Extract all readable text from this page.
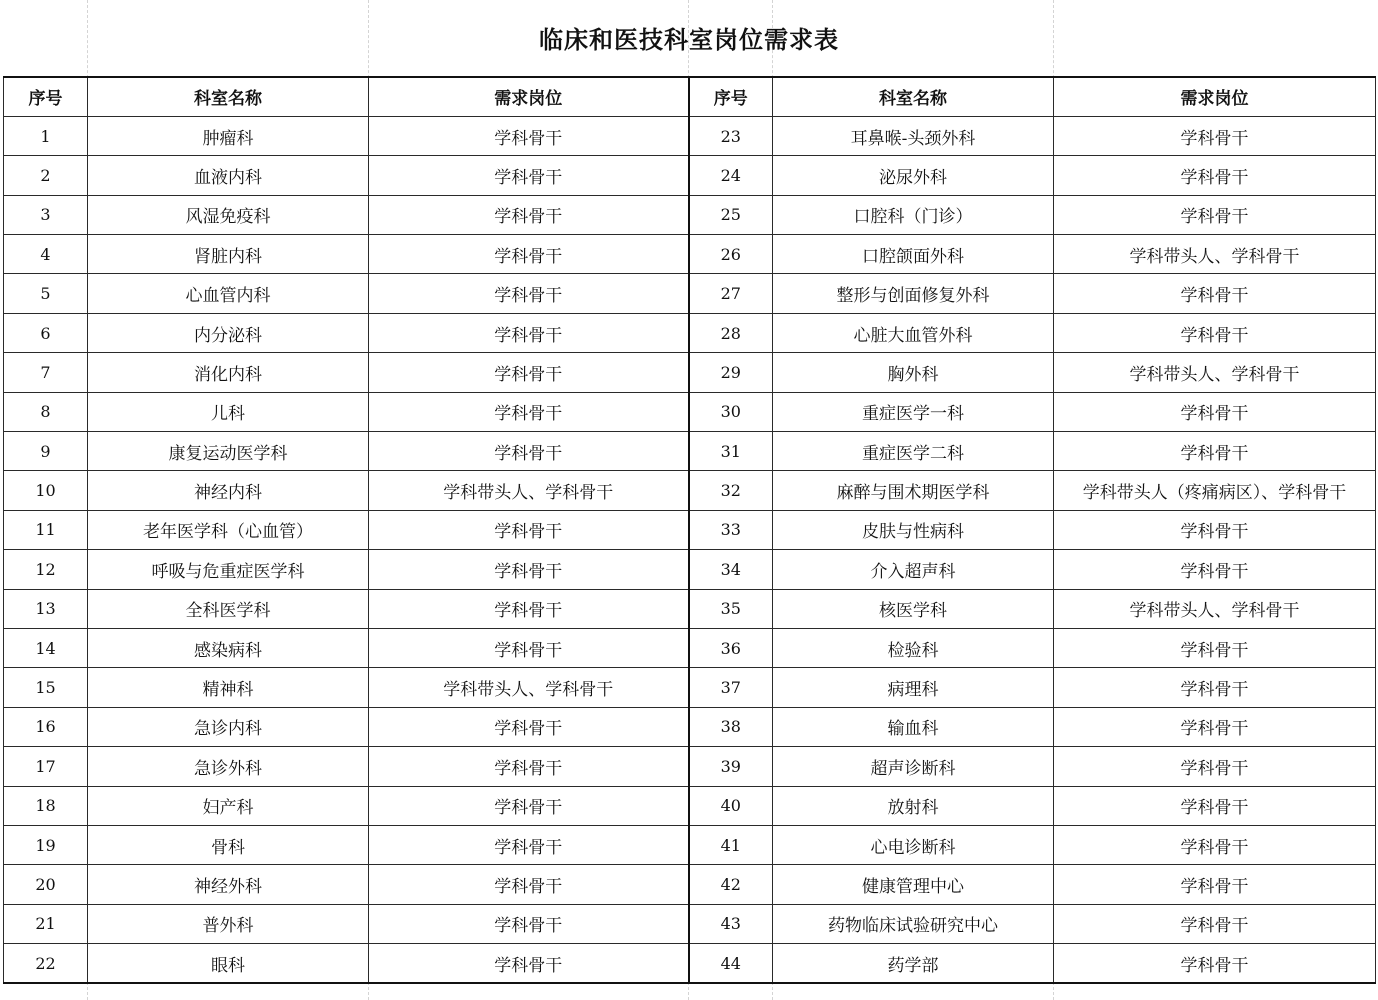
临床和医技科室岗位需求表
序号	科室名称	需求岗位	序号	科室名称	需求岗位
1	肿瘤科	学科骨干	23	耳鼻喉-头颈外科	学科骨干
2	血液内科	学科骨干	24	泌尿外科	学科骨干
3	风湿免疫科	学科骨干	25	口腔科（门诊）	学科骨干
4	肾脏内科	学科骨干	26	口腔颌面外科	学科带头人、学科骨干
5	心血管内科	学科骨干	27	整形与创面修复外科	学科骨干
6	内分泌科	学科骨干	28	心脏大血管外科	学科骨干
7	消化内科	学科骨干	29	胸外科	学科带头人、学科骨干
8	儿科	学科骨干	30	重症医学一科	学科骨干
9	康复运动医学科	学科骨干	31	重症医学二科	学科骨干
10	神经内科	学科带头人、学科骨干	32	麻醉与围术期医学科	学科带头人（疼痛病区）、学科骨干
11	老年医学科（心血管）	学科骨干	33	皮肤与性病科	学科骨干
12	呼吸与危重症医学科	学科骨干	34	介入超声科	学科骨干
13	全科医学科	学科骨干	35	核医学科	学科带头人、学科骨干
14	感染病科	学科骨干	36	检验科	学科骨干
15	精神科	学科带头人、学科骨干	37	病理科	学科骨干
16	急诊内科	学科骨干	38	输血科	学科骨干
17	急诊外科	学科骨干	39	超声诊断科	学科骨干
18	妇产科	学科骨干	40	放射科	学科骨干
19	骨科	学科骨干	41	心电诊断科	学科骨干
20	神经外科	学科骨干	42	健康管理中心	学科骨干
21	普外科	学科骨干	43	药物临床试验研究中心	学科骨干
22	眼科	学科骨干	44	药学部	学科骨干
